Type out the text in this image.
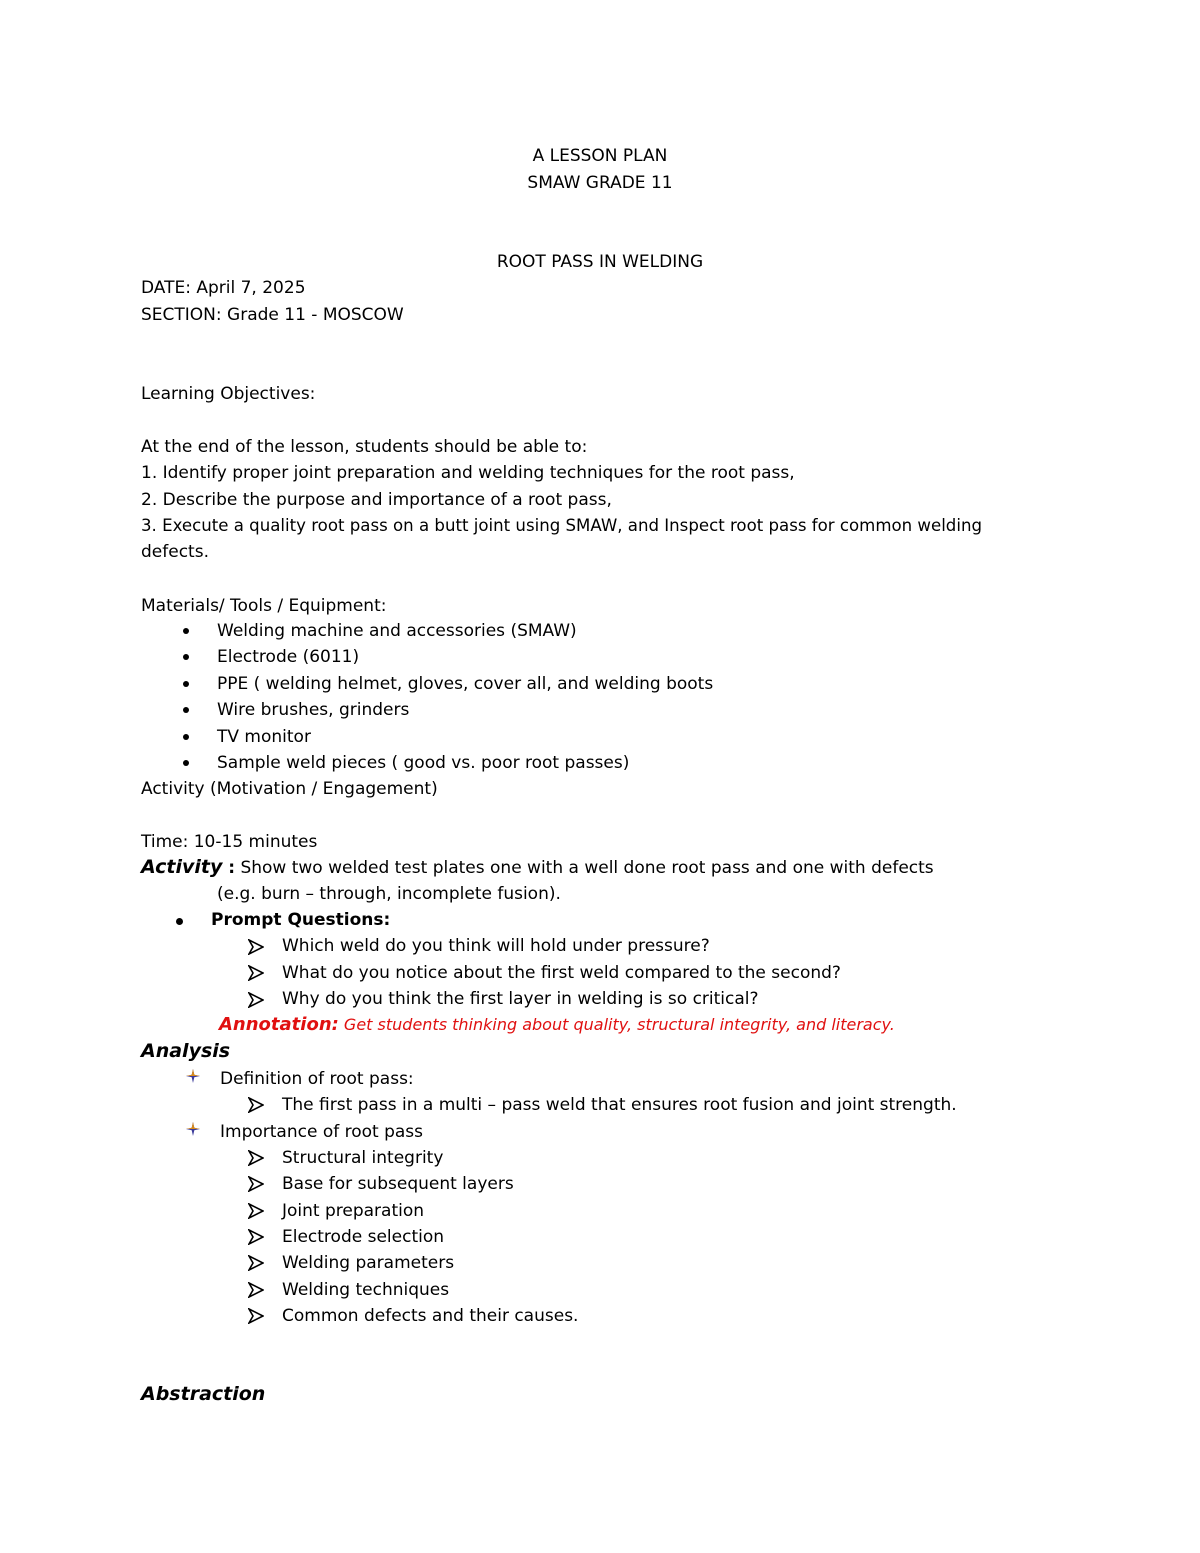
A LESSON PLAN
SMAW GRADE 11
ROOT PASS IN WELDING
DATE: April 7, 2025
SECTION: Grade 11 - MOSCOW
Learning Objectives:
At the end of the lesson, students should be able to:
1. Identify proper joint preparation and welding techniques for the root pass,
2. Describe the purpose and importance of a root pass,
3. Execute a quality root pass on a butt joint using SMAW, and Inspect root pass for common welding
defects.
Materials/ Tools / Equipment:
Welding machine and accessories (SMAW)
Electrode (6011)
PPE ( welding helmet, gloves, cover all, and welding boots
Wire brushes, grinders
TV monitor
Sample weld pieces ( good vs. poor root passes)
Activity (Motivation / Engagement)
Time: 10-15 minutes
Activity : Show two welded test plates one with a well done root pass and one with defects
(e.g. burn – through, incomplete fusion).
Prompt Questions:
Which weld do you think will hold under pressure?
What do you notice about the first weld compared to the second?
Why do you think the first layer in welding is so critical?
Annotation: Get students thinking about quality, structural integrity, and literacy.
Analysis
Definition of root pass:
The first pass in a multi – pass weld that ensures root fusion and joint strength.
Importance of root pass
Structural integrity
Base for subsequent layers
Joint preparation
Electrode selection
Welding parameters
Welding techniques
Common defects and their causes.
Abstraction
